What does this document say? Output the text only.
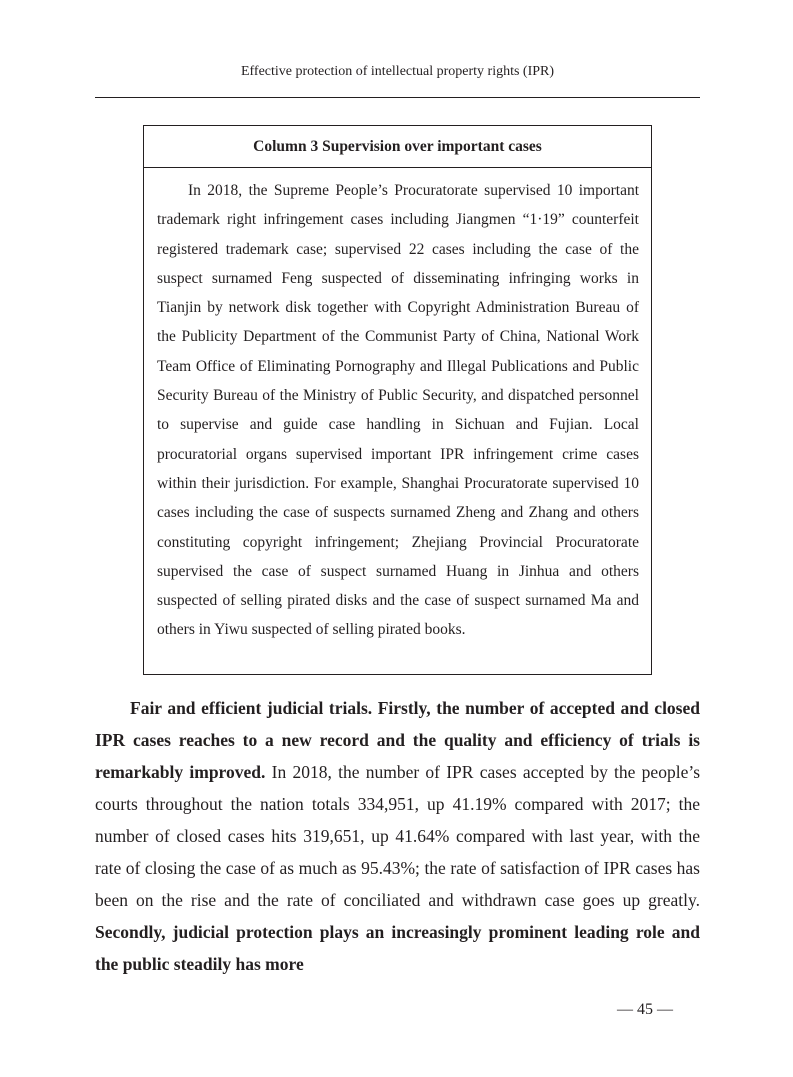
Effective protection of intellectual property rights (IPR)
Column 3 Supervision over important cases
In 2018, the Supreme People’s Procuratorate supervised 10 important trademark right infringement cases including Jiangmen “1·19” counterfeit registered trademark case; supervised 22 cases including the case of the suspect surnamed Feng suspected of disseminating infringing works in Tianjin by network disk together with Copyright Administration Bureau of the Publicity Department of the Communist Party of China, National Work Team Office of Eliminating Pornography and Illegal Publications and Public Security Bureau of the Ministry of Public Security, and dispatched personnel to supervise and guide case handling in Sichuan and Fujian. Local procuratorial organs supervised important IPR infringement crime cases within their jurisdiction. For example, Shanghai Procuratorate supervised 10 cases including the case of suspects surnamed Zheng and Zhang and others constituting copyright infringement; Zhejiang Provincial Procuratorate supervised the case of suspect surnamed Huang in Jinhua and others suspected of selling pirated disks and the case of suspect surnamed Ma and others in Yiwu suspected of selling pirated books.

Fair and efficient judicial trials. Firstly, the number of accepted and closed IPR cases reaches to a new record and the quality and efficiency of trials is remarkably improved. In 2018, the number of IPR cases accepted by the people’s courts throughout the nation totals 334,951, up 41.19% compared with 2017; the number of closed cases hits 319,651, up 41.64% compared with last year, with the rate of closing the case of as much as 95.43%; the rate of satisfaction of IPR cases has been on the rise and the rate of conciliated and withdrawn case goes up greatly. Secondly, judicial protection plays an increasingly prominent leading role and the public steadily has more

— 45 —
